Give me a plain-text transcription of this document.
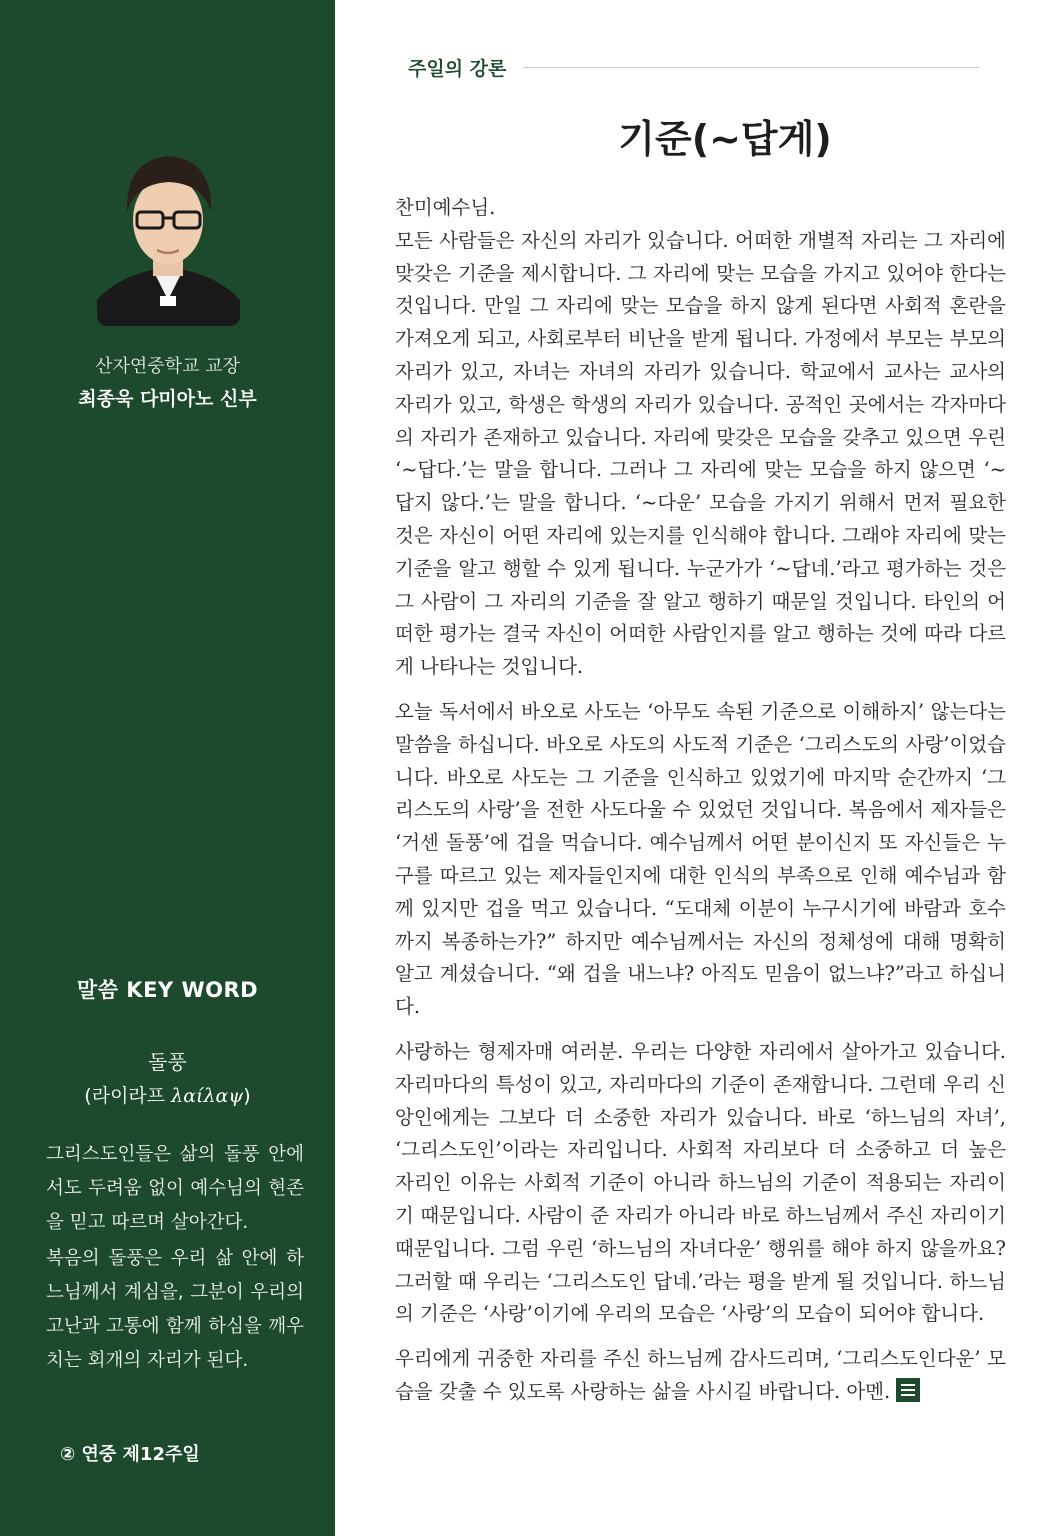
산자연중학교 교장
최종욱 다미아노 신부
말씀 KEY WORD
돌풍
(라이라프 λαίλαψ)

그리스도인들은 삶의 돌풍 안에서도 두려움 없이 예수님의 현존을 믿고 따르며 살아간다.

복음의 돌풍은 우리 삶 안에 하느님께서 계심을, 그분이 우리의 고난과 고통에 함께 하심을 깨우치는 회개의 자리가 된다.

② 연중 제12주일
주일의 강론
기준(~답게)

찬미예수님.

모든 사람들은 자신의 자리가 있습니다. 어떠한 개별적 자리는 그 자리에 맞갖은 기준을 제시합니다. 그 자리에 맞는 모습을 가지고 있어야 한다는 것입니다. 만일 그 자리에 맞는 모습을 하지 않게 된다면 사회적 혼란을 가져오게 되고, 사회로부터 비난을 받게 됩니다. 가정에서 부모는 부모의 자리가 있고, 자녀는 자녀의 자리가 있습니다. 학교에서 교사는 교사의 자리가 있고, 학생은 학생의 자리가 있습니다. 공적인 곳에서는 각자마다의 자리가 존재하고 있습니다. 자리에 맞갖은 모습을 갖추고 있으면 우린 ‘~답다.’는 말을 합니다. 그러나 그 자리에 맞는 모습을 하지 않으면 ‘~답지 않다.’는 말을 합니다. ‘~다운’ 모습을 가지기 위해서 먼저 필요한 것은 자신이 어떤 자리에 있는지를 인식해야 합니다. 그래야 자리에 맞는 기준을 알고 행할 수 있게 됩니다. 누군가가 ‘~답네.’라고 평가하는 것은 그 사람이 그 자리의 기준을 잘 알고 행하기 때문일 것입니다. 타인의 어떠한 평가는 결국 자신이 어떠한 사람인지를 알고 행하는 것에 따라 다르게 나타나는 것입니다.

오늘 독서에서 바오로 사도는 ‘아무도 속된 기준으로 이해하지’ 않는다는 말씀을 하십니다. 바오로 사도의 사도적 기준은 ‘그리스도의 사랑’이었습니다. 바오로 사도는 그 기준을 인식하고 있었기에 마지막 순간까지 ‘그리스도의 사랑’을 전한 사도다울 수 있었던 것입니다. 복음에서 제자들은 ‘거센 돌풍’에 겁을 먹습니다. 예수님께서 어떤 분이신지 또 자신들은 누구를 따르고 있는 제자들인지에 대한 인식의 부족으로 인해 예수님과 함께 있지만 겁을 먹고 있습니다. “도대체 이분이 누구시기에 바람과 호수까지 복종하는가?” 하지만 예수님께서는 자신의 정체성에 대해 명확히 알고 계셨습니다. “왜 겁을 내느냐? 아직도 믿음이 없느냐?”라고 하십니다.

사랑하는 형제자매 여러분. 우리는 다양한 자리에서 살아가고 있습니다. 자리마다의 특성이 있고, 자리마다의 기준이 존재합니다. 그런데 우리 신앙인에게는 그보다 더 소중한 자리가 있습니다. 바로 ‘하느님의 자녀’, ‘그리스도인’이라는 자리입니다. 사회적 자리보다 더 소중하고 더 높은 자리인 이유는 사회적 기준이 아니라 하느님의 기준이 적용되는 자리이기 때문입니다. 사람이 준 자리가 아니라 바로 하느님께서 주신 자리이기 때문입니다. 그럼 우린 ‘하느님의 자녀다운’ 행위를 해야 하지 않을까요? 그러할 때 우리는 ‘그리스도인 답네.’라는 평을 받게 될 것입니다. 하느님의 기준은 ‘사랑’이기에 우리의 모습은 ‘사랑’의 모습이 되어야 합니다.

우리에게 귀중한 자리를 주신 하느님께 감사드리며, ‘그리스도인다운’ 모습을 갖출 수 있도록 사랑하는 삶을 사시길 바랍니다. 아멘.
